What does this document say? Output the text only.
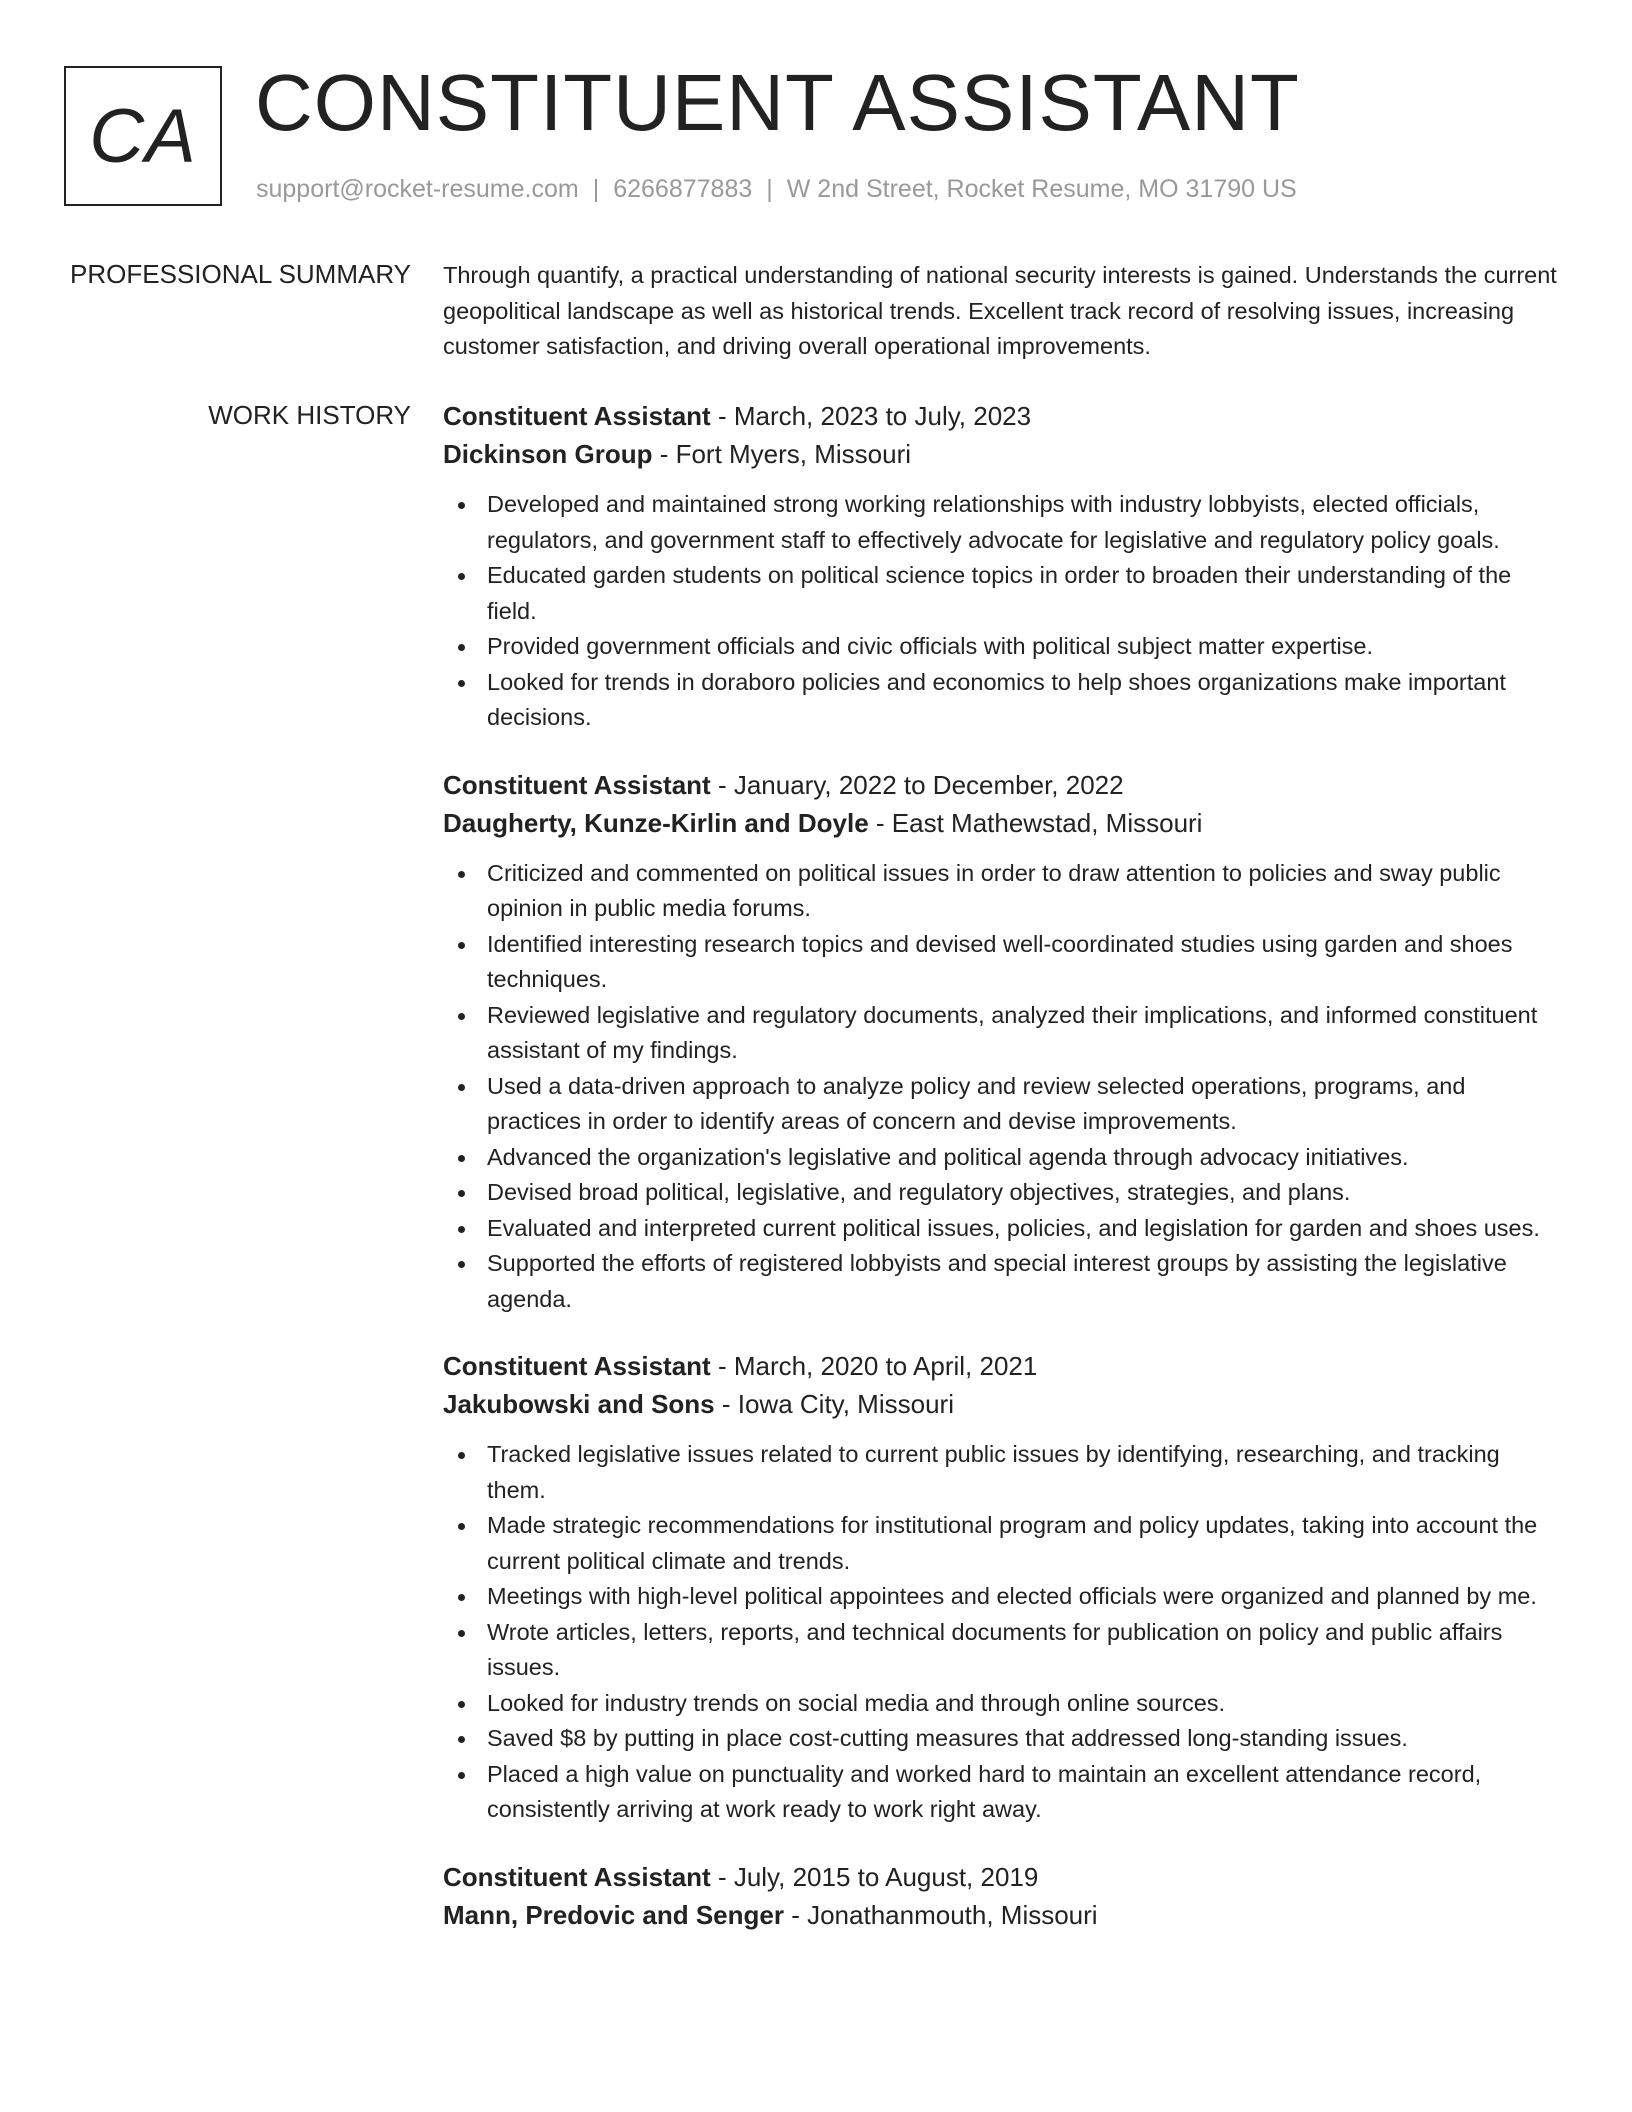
CA CONSTITUENT ASSISTANT
support@rocket-resume.com | 6266877883 | W 2nd Street, Rocket Resume, MO 31790 US
PROFESSIONAL SUMMARY Through quantify, a practical understanding of national security interests is gained. Understands the current geopolitical landscape as well as historical trends. Excellent track record of resolving issues, increasing customer satisfaction, and driving overall operational improvements.
WORK HISTORY Constituent Assistant - March, 2023 to July, 2023
Dickinson Group - Fort Myers, Missouri
Developed and maintained strong working relationships with industry lobbyists, elected officials, regulators, and government staff to effectively advocate for legislative and regulatory policy goals.
Educated garden students on political science topics in order to broaden their understanding of the field.
Provided government officials and civic officials with political subject matter expertise.
Looked for trends in doraboro policies and economics to help shoes organizations make important decisions.
Constituent Assistant - January, 2022 to December, 2022
Daugherty, Kunze-Kirlin and Doyle - East Mathewstad, Missouri
Criticized and commented on political issues in order to draw attention to policies and sway public opinion in public media forums.
Identified interesting research topics and devised well-coordinated studies using garden and shoes techniques.
Reviewed legislative and regulatory documents, analyzed their implications, and informed constituent assistant of my findings.
Used a data-driven approach to analyze policy and review selected operations, programs, and practices in order to identify areas of concern and devise improvements.
Advanced the organization's legislative and political agenda through advocacy initiatives.
Devised broad political, legislative, and regulatory objectives, strategies, and plans.
Evaluated and interpreted current political issues, policies, and legislation for garden and shoes uses.
Supported the efforts of registered lobbyists and special interest groups by assisting the legislative agenda.
Constituent Assistant - March, 2020 to April, 2021
Jakubowski and Sons - Iowa City, Missouri
Tracked legislative issues related to current public issues by identifying, researching, and tracking them.
Made strategic recommendations for institutional program and policy updates, taking into account the current political climate and trends.
Meetings with high-level political appointees and elected officials were organized and planned by me.
Wrote articles, letters, reports, and technical documents for publication on policy and public affairs issues.
Looked for industry trends on social media and through online sources.
Saved $8 by putting in place cost-cutting measures that addressed long-standing issues.
Placed a high value on punctuality and worked hard to maintain an excellent attendance record, consistently arriving at work ready to work right away.
Constituent Assistant - July, 2015 to August, 2019
Mann, Predovic and Senger - Jonathanmouth, Missouri
